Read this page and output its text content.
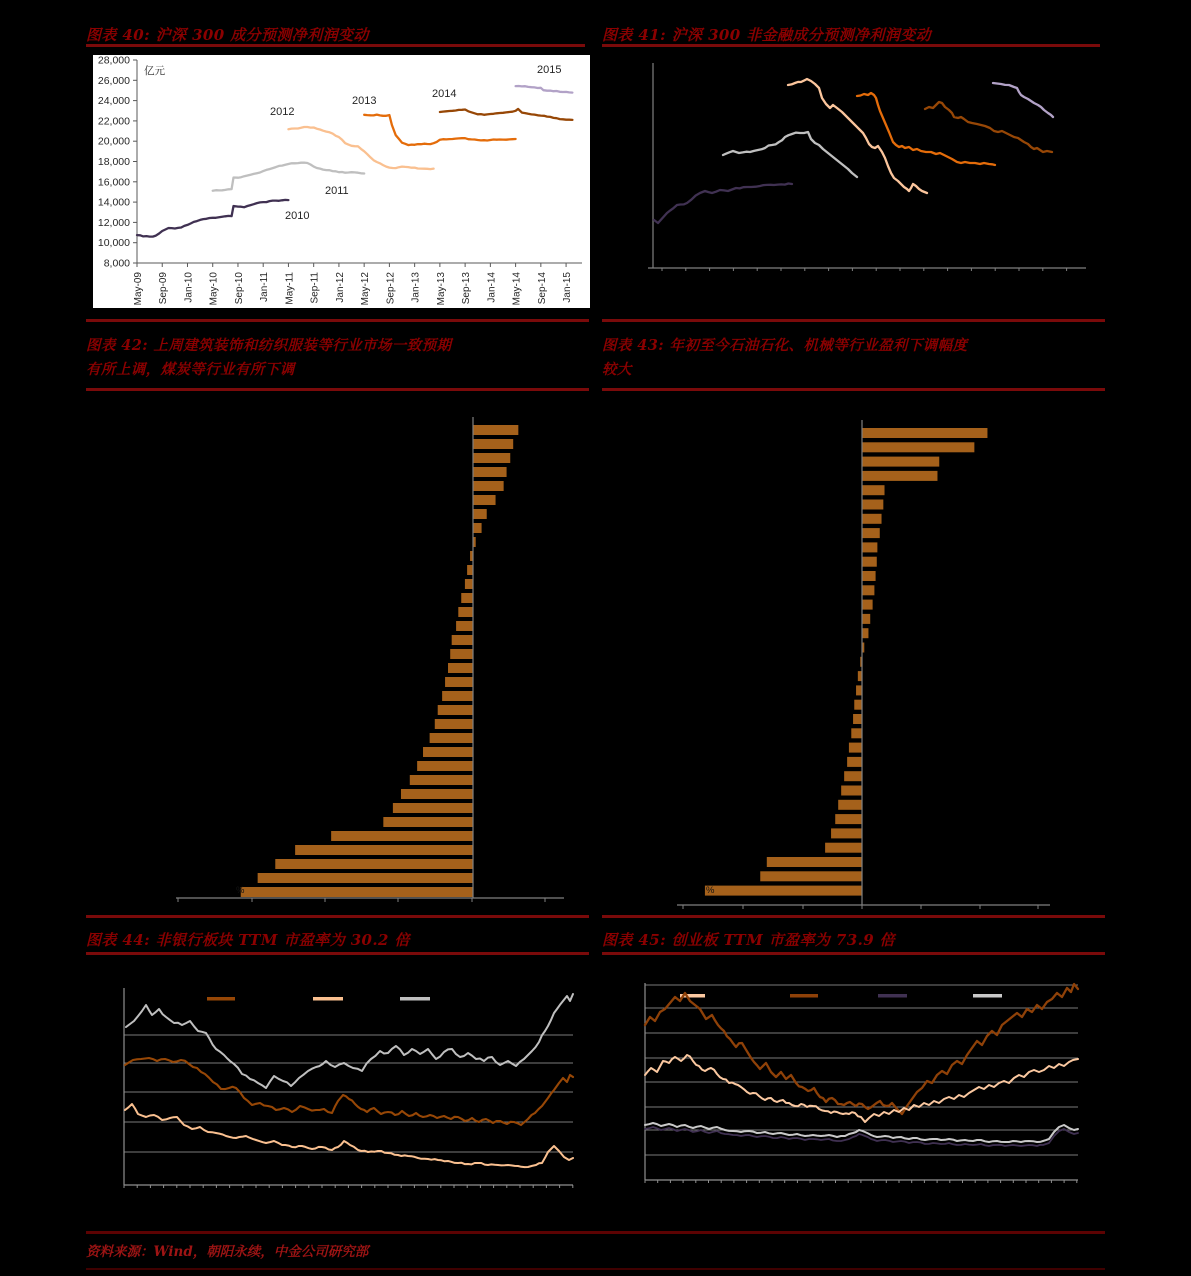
图表 40: 沪深 300 成分预测净利润变动
28,000
26,000
24,000
22,000
20,000
18,000
16,000
14,000
12,000
10,000
8,000
May-09 Sep-09 Jan-10 May-10 Sep-10 Jan-11 May-11 Sep-11 Jan-12 May-12 Sep-12 Jan-13 May-13 Sep-13 Jan-14 May-14 Sep-14 Jan-15
亿元
2010
2011
2012
2013
2014
2015
图表 41: 沪深 300 非金融成分预测净利润变动
图表 42: 上周建筑装饰和纺织服装等行业市场一致预期
有所上调，煤炭等行业有所下调
%
图表 43: 年初至今石油石化、机械等行业盈利下调幅度
较大
%
图表 44: 非银行板块 TTM 市盈率为 30.2 倍	图表 45: 创业板 TTM 市盈率为 73.9 倍
资料来源：Wind，朝阳永续，中金公司研究部
